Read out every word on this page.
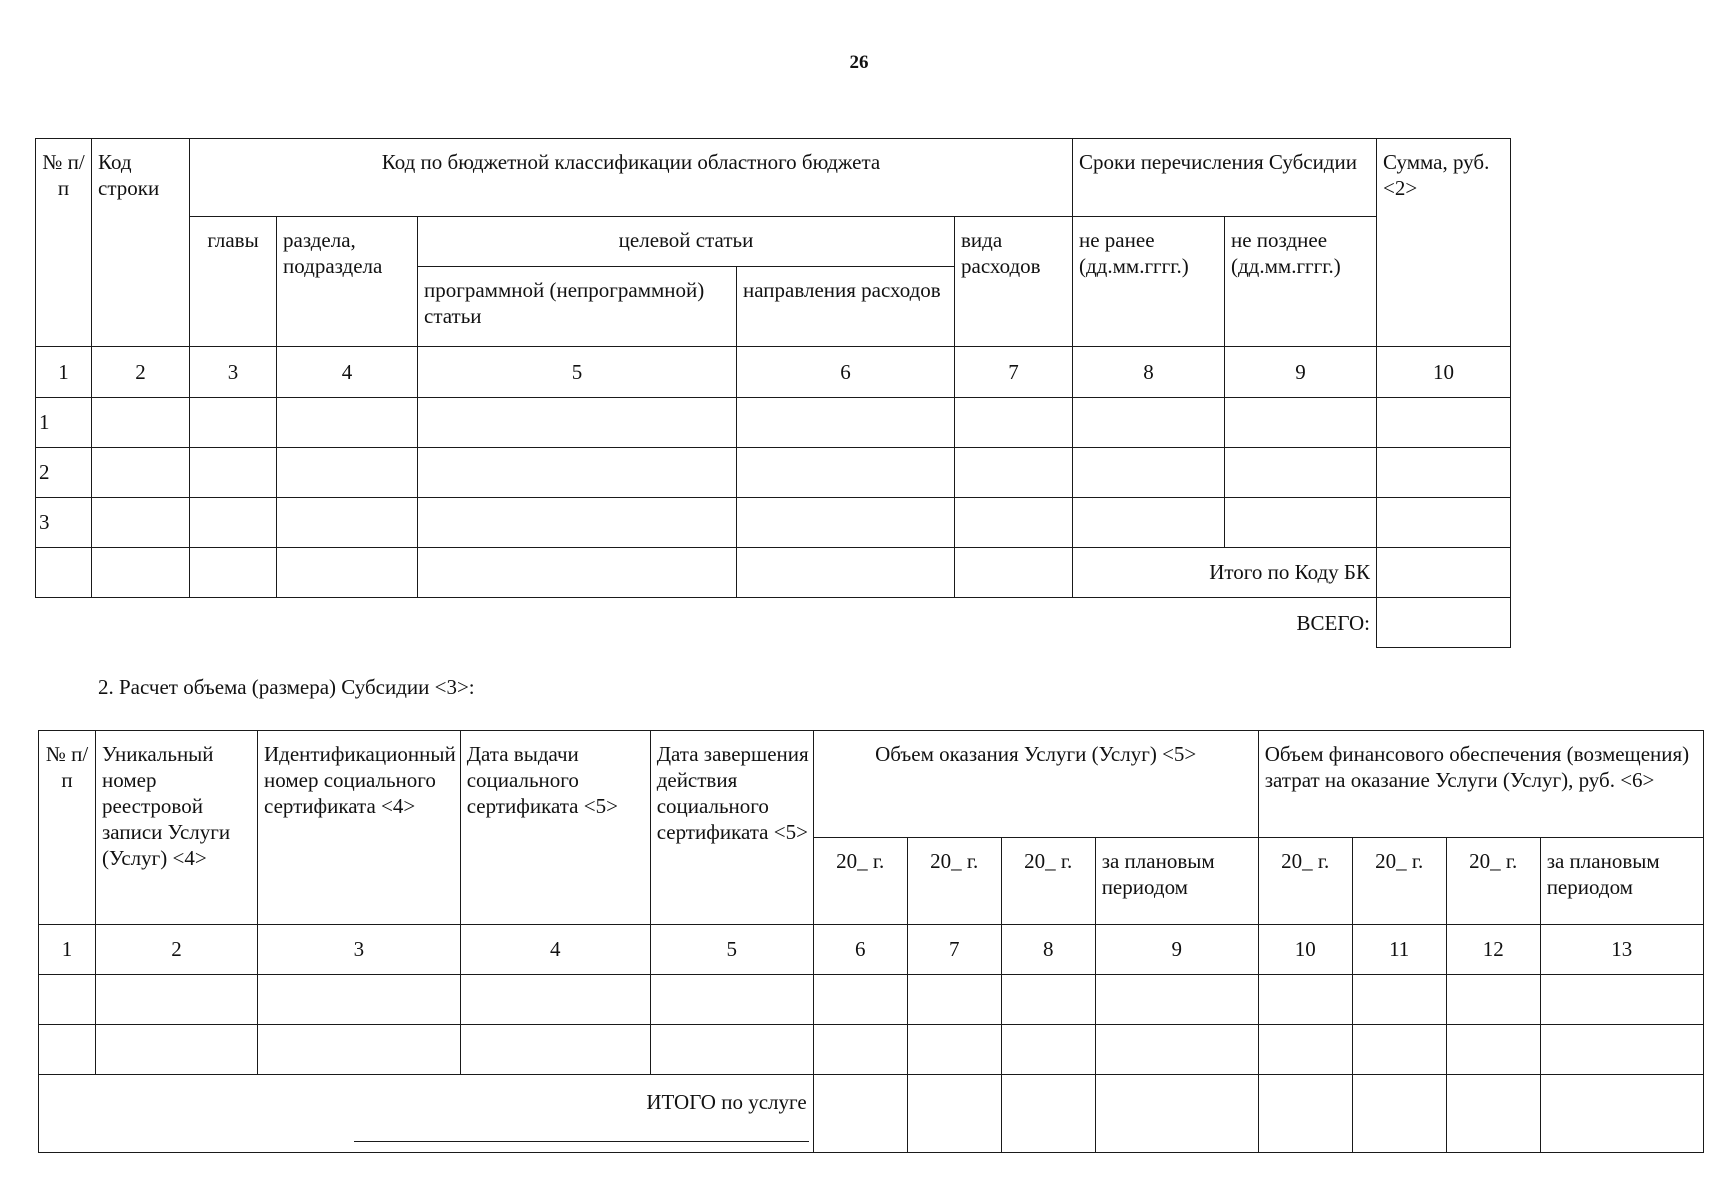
26
№ п/п	Код строки	Код по бюджетной классификации областного бюджета					Сроки перечисления Субсидии		Сумма, руб. <2>
		главы	раздела, подраздела	целевой статьи		вида расходов	не ранее (дд.мм.гггг.)	не позднее (дд.мм.гггг.)	
				программной (непрограммной) статьи	направления расходов				
1	2	3	4	5	6	7	8	9	10
1									
2									
3									
							Итого по Коду БК		
							ВСЕГО:		

2. Расчет объема (размера) Субсидии <3>:

№ п/п	Уникальный номер реестровой записи Услуги (Услуг) <4>	Идентификационный номер социального сертификата <4>	Дата выдачи социального сертификата <5>	Дата завершения действия социального сертификата <5>	Объем оказания Услуги (Услуг) <5>				Объем финансового обеспечения (возмещения) затрат на оказание Услуги (Услуг), руб. <6>			
					20_ г.	20_ г.	20_ г.	за плановым периодом	20_ г.	20_ г.	20_ г.	за плановым периодом
1	2	3	4	5	6	7	8	9	10	11	12	13

ИТОГО по услуге				
